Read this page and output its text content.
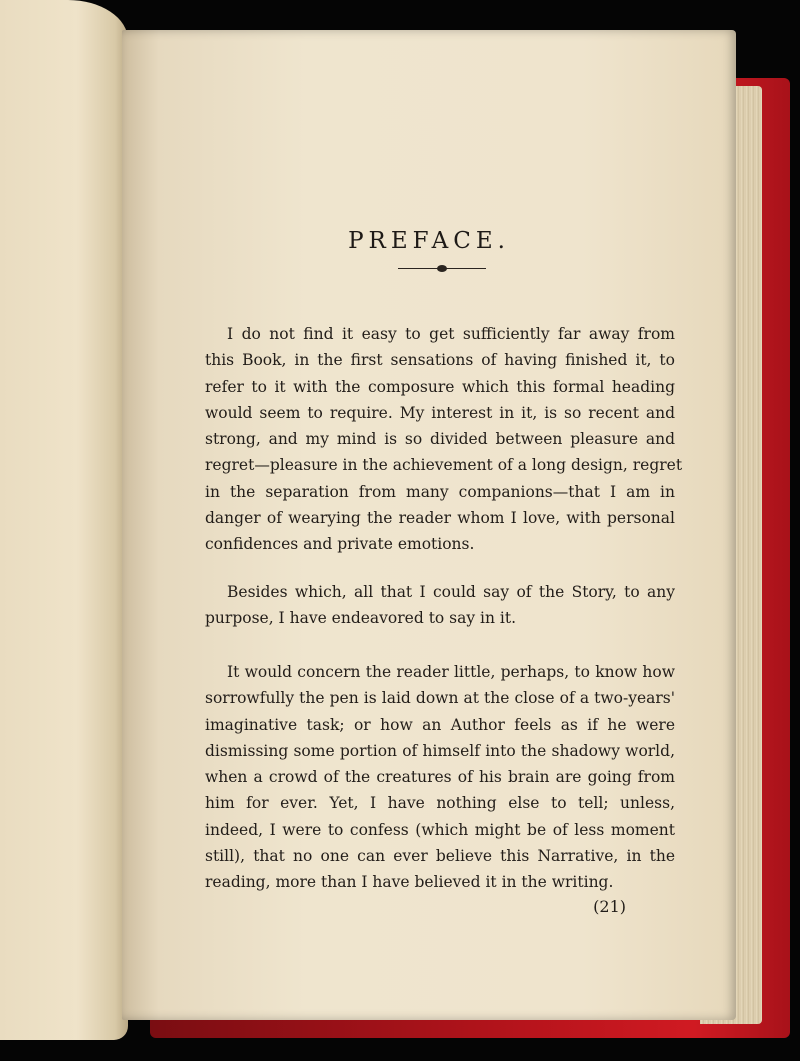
PREFACE.
I do not find it easy to get sufficiently far away from
this Book, in the first sensations of having finished it, to
refer to it with the composure which this formal heading
would seem to require. My interest in it, is so recent and
strong, and my mind is so divided between pleasure and
regret—pleasure in the achievement of a long design, regret
in the separation from many companions—that I am in
danger of wearying the reader whom I love, with personal
confidences and private emotions.
Besides which, all that I could say of the Story, to any
purpose, I have endeavored to say in it.
It would concern the reader little, perhaps, to know how
sorrowfully the pen is laid down at the close of a two-years'
imaginative task; or how an Author feels as if he were
dismissing some portion of himself into the shadowy world,
when a crowd of the creatures of his brain are going from
him for ever. Yet, I have nothing else to tell; unless,
indeed, I were to confess (which might be of less moment
still), that no one can ever believe this Narrative, in the
reading, more than I have believed it in the writing.
(21)
